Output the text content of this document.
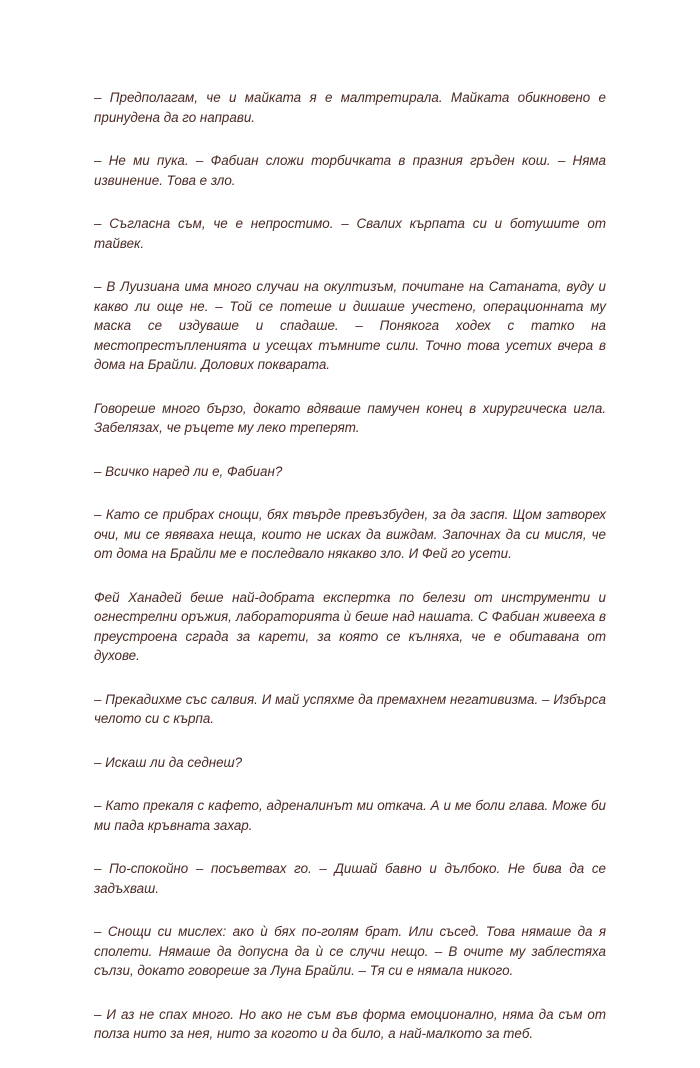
– Предполагам, че и майката я е малтретирала. Майката обикновено е принудена да го направи.

– Не ми пука. – Фабиан сложи торбичката в празния гръден кош. – Няма извинение. Това е зло.

– Съгласна съм, че е непростимо. – Свалих кърпата си и ботушите от тайвек.

– В Луизиана има много случаи на окултизъм, почитане на Сатаната, вуду и какво ли още не. – Той се потеше и дишаше учестено, операционната му маска се издуваше и спадаше. – Понякога ходех с татко на местопрестъпленията и усещах тъмните сили. Точно това усетих вчера в дома на Брайли. Долових покварата.

Говореше много бързо, докато вдяваше памучен конец в хирургическа игла. Забелязах, че ръцете му леко треперят.

– Всичко наред ли е, Фабиан?

– Като се прибрах снощи, бях твърде превъзбуден, за да заспя. Щом затворех очи, ми се явяваха неща, които не исках да виждам. Започнах да си мисля, че от дома на Брайли ме е последвало някакво зло. И Фей го усети.

Фей Ханадей беше най-добрата експертка по белези от инструменти и огнестрелни оръжия, лабораторията ѝ беше над нашата. С Фабиан живееха в преустроена сграда за карети, за която се кълняха, че е обитавана от духове.

– Прекадихме със салвия. И май успяхме да премахнем негативизма. – Избърса челото си с кърпа.

– Искаш ли да седнеш?

– Като прекаля с кафето, адреналинът ми откача. А и ме боли глава. Може би ми пада кръвната захар.

– По-спокойно – посъветвах го. – Дишай бавно и дълбоко. Не бива да се задъхваш.

– Снощи си мислех: ако ѝ бях по-голям брат. Или съсед. Това нямаше да я сполети. Нямаше да допусна да ѝ се случи нещо. – В очите му заблестяха сълзи, докато говореше за Луна Брайли. – Тя си е нямала никого.

– И аз не спах много. Но ако не съм във форма емоционално, няма да съм от полза нито за нея, нито за когото и да било, а най-малкото за теб.
